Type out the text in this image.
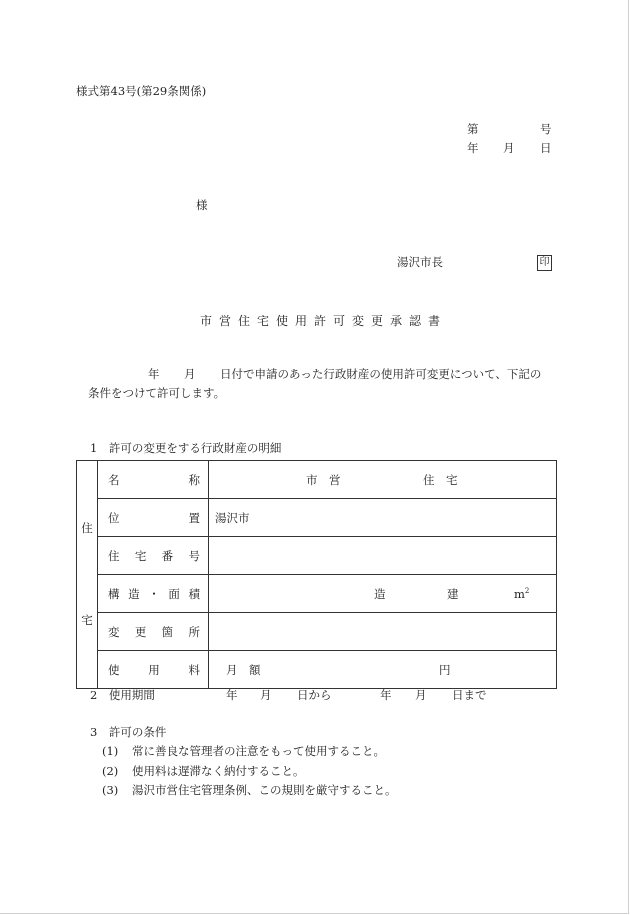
様式第43号(第29条関係)
第	号
年 月 日
様
湯沢市長	印
市営住宅使用許可変更承認書
年 月 日付で申請のあった行政財産の使用許可変更について、下記の
条件をつけて許可します。
1　許可の変更をする行政財産の明細
住
宅	名 称	市　営 住　宅

	位 置	湯沢市

	住 宅 番 号	

	構 造 ・ 面 積	造 建 $m^2$

	変 更 箇 所	

	使 用 料	月　額 円
2　使用期間	年 月 日から	年 月 日まで
3　許可の条件
(1) 常に善良な管理者の注意をもって使用すること。
(2) 使用料は遅滞なく納付すること。
(3) 湯沢市営住宅管理条例、この規則を厳守すること。
